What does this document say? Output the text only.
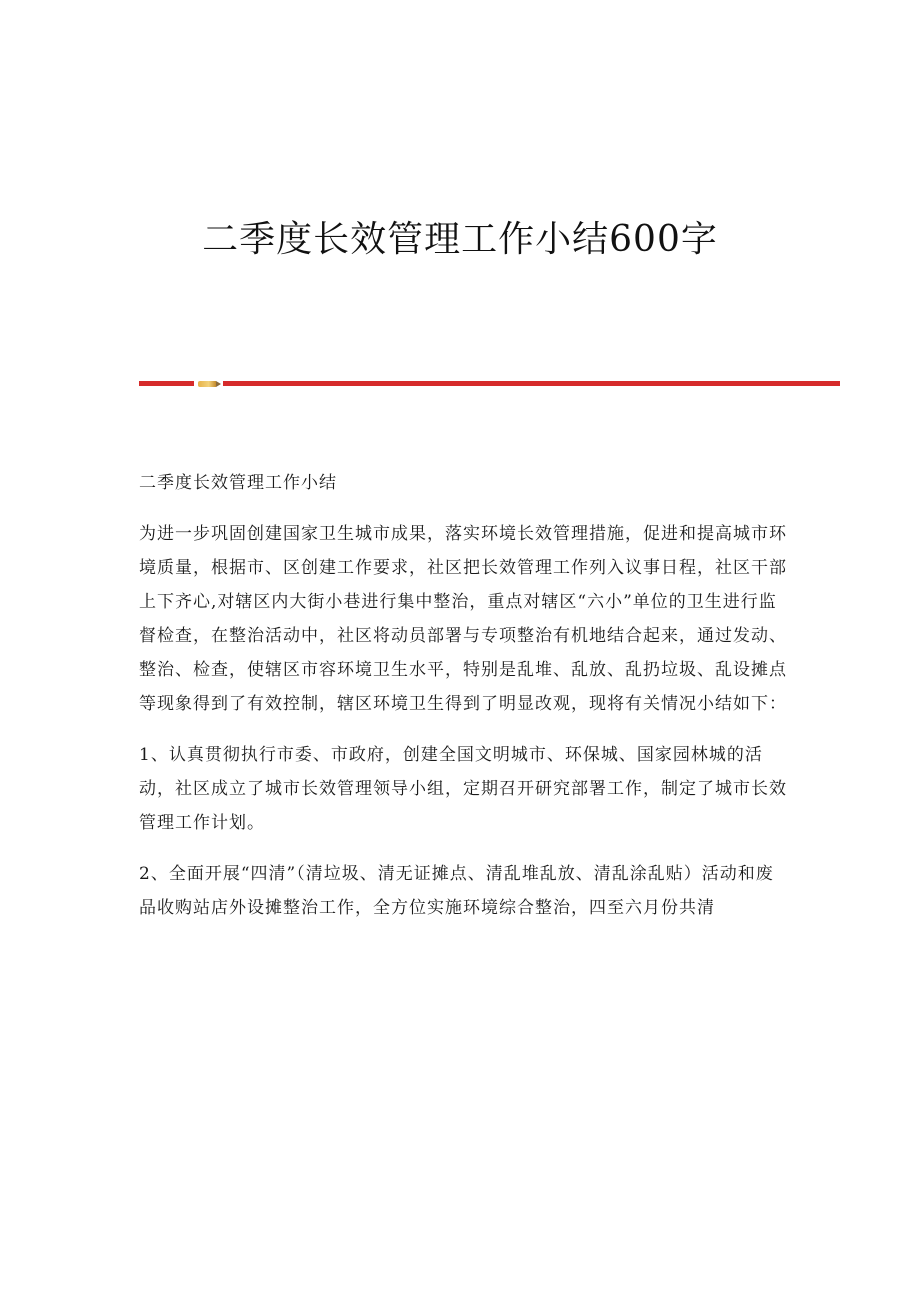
二季度长效管理工作小结600字

二季度长效管理工作小结

为进一步巩固创建国家卫生城市成果，落实环境长效管理措施，促进和提高城市环境质量，根据市、区创建工作要求，社区把长效管理工作列入议事日程，社区干部上下齐心,对辖区内大街小巷进行集中整治，重点对辖区“六小”单位的卫生进行监督检查，在整治活动中，社区将动员部署与专项整治有机地结合起来，通过发动、整治、检查，使辖区市容环境卫生水平，特别是乱堆、乱放、乱扔垃圾、乱设摊点等现象得到了有效控制，辖区环境卫生得到了明显改观，现将有关情况小结如下：

1、认真贯彻执行市委、市政府，创建全国文明城市、环保城、国家园林城的活动，社区成立了城市长效管理领导小组，定期召开研究部署工作，制定了城市长效管理工作计划。

2、全面开展“四清”（清垃圾、清无证摊点、清乱堆乱放、清乱涂乱贴）活动和废品收购站店外设摊整治工作，全方位实施环境综合整治，四至六月份共清
